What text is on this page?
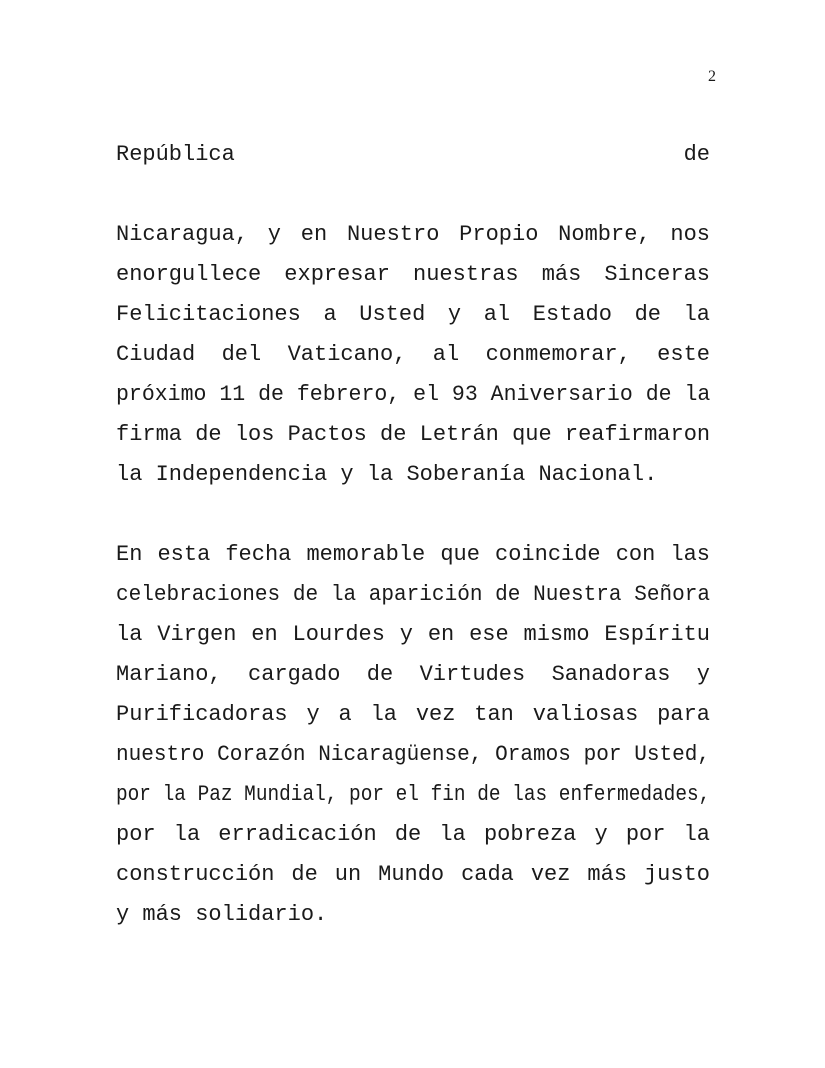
2
República                       de
Nicaragua, y en Nuestro Propio Nombre, nos
enorgullece expresar nuestras más Sinceras
Felicitaciones a Usted y al Estado de la
Ciudad del Vaticano, al conmemorar, este
próximo 11 de febrero, el 93 Aniversario de la
firma de los Pactos de Letrán que reafirmaron
la Independencia y la Soberanía Nacional.
En esta fecha memorable que coincide con las
celebraciones de la aparición de Nuestra Señora
la Virgen en Lourdes y en ese mismo Espíritu
Mariano, cargado de Virtudes Sanadoras y
Purificadoras y a la vez tan valiosas para
nuestro Corazón Nicaragüense, Oramos por Usted,
por la Paz Mundial, por el fin de las enfermedades,
por la erradicación de la pobreza y por la
construcción de un Mundo cada vez más justo
y más solidario.
